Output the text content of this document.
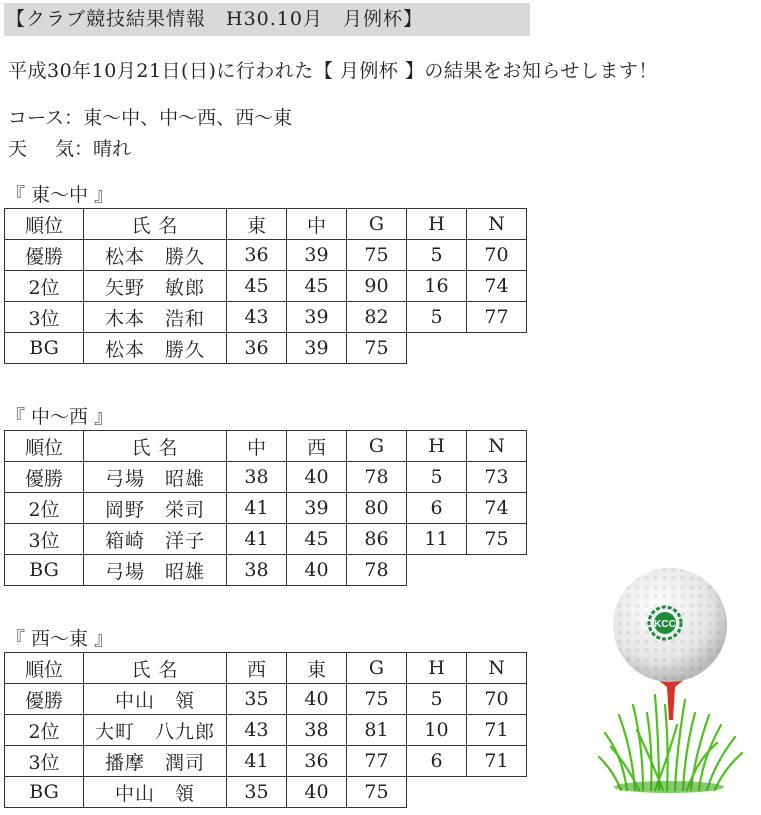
【クラブ競技結果情報　H30.10月　月例杯】
平成30年10月21日(日)に行われた【 月例杯 】の結果をお知らせします！
コース：東～中、中～西、西～東
天 気：晴れ
『 東～中 』
順位	氏 名	東	中	G	H	N
優勝	松本　勝久	36	39	75	5	70
2位	矢野　敏郎	45	45	90	16	74
3位	木本　浩和	43	39	82	5	77
BG	松本　勝久	36	39	75		
『 中～西 』
順位	氏 名	中	西	G	H	N
優勝	弓場　昭雄	38	40	78	5	73
2位	岡野　栄司	41	39	80	6	74
3位	箱崎　洋子	41	45	86	11	75
BG	弓場　昭雄	38	40	78		
『 西～東 』
順位	氏 名	西	東	G	H	N
優勝	中山　領	35	40	75	5	70
2位	大町　八九郎	43	38	81	10	71
3位	播摩　潤司	41	36	77	6	71
BG	中山　領	35	40	75		
KCC
